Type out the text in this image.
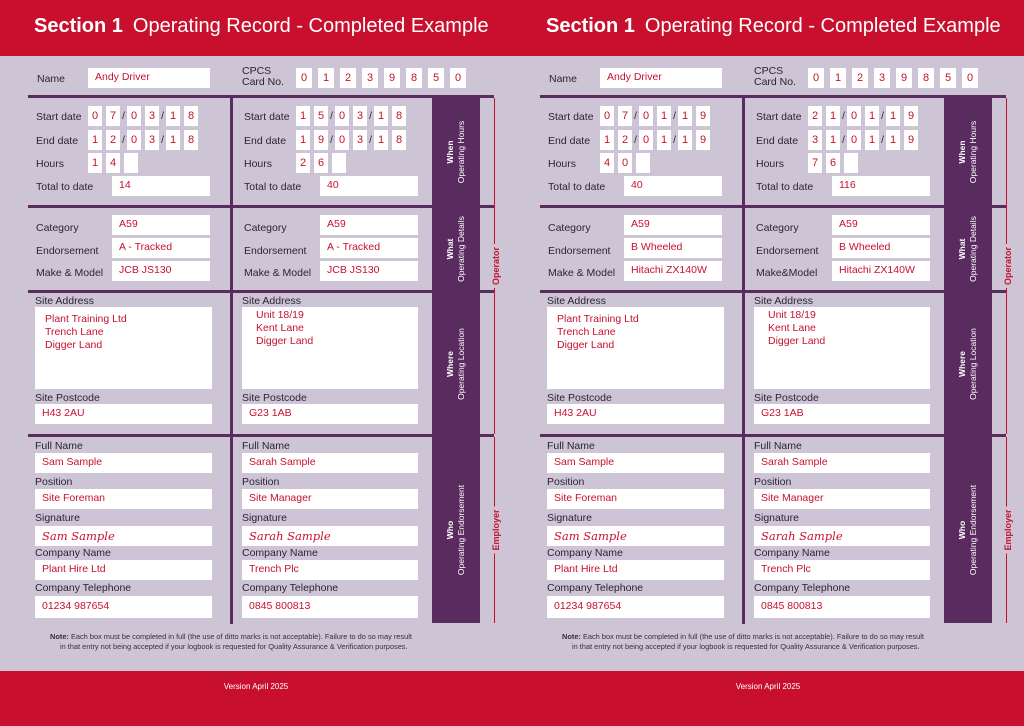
Section 1 Operating Record - Completed Example
Name	Andy Driver	CPCS
Card No.	0	1	2	3	9	8	5	0
When Operating Hours
What Operating Details
Where Operating Location
Who Operating Endorsement
Operator
Employer
Start date 0	7 / 0	3 / 1	8
End date	1	2 / 0	3 / 1	8
Hours	1	4
Total to date	14
Category	A59
Endorsement	A - Tracked
Make & Model	JCB JS130
Site Address
Plant Training Ltd
Trench Lane
Digger Land
Site Postcode
H43 2AU
Full Name
Sam Sample
Position
Site Foreman
Signature
Sam Sample
Company Name
Plant Hire Ltd
Company Telephone
01234 987654
Start date 1	5 / 0	3 / 1	8
End date	1	9 / 0	3 / 1	8
Hours	2	6
Total to date	40
Category	A59
Endorsement	A - Tracked
Make & Model	JCB JS130
Site Address
Unit 18/19
Kent Lane
Digger Land
Site Postcode
G23 1AB
Full Name
Sarah Sample
Position
Site Manager
Signature
Sarah Sample
Company Name
Trench Plc
Company Telephone
0845 800813
Note: Each box must be completed in full (the use of ditto marks is not acceptable). Failure to do so may result
in that entry not being accepted if your logbook is requested for Quality Assurance & Verification purposes.
Version April 2025
Section 1 Operating Record - Completed Example
Name	Andy Driver	CPCS
Card No.	0	1	2	3	9	8	5	0
When Operating Hours
What Operating Details
Where Operating Location
Who Operating Endorsement
Operator
Employer
Start date 0	7 / 0	1 / 1	9
End date	1	2 / 0	1 / 1	9
Hours	4	0
Total to date	40
Category	A59
Endorsement	B Wheeled
Make & Model	Hitachi ZX140W
Site Address
Plant Training Ltd
Trench Lane
Digger Land
Site Postcode
H43 2AU
Full Name
Sam Sample
Position
Site Foreman
Signature
Sam Sample
Company Name
Plant Hire Ltd
Company Telephone
01234 987654
Start date 2	1 / 0	1 / 1	9
End date	3	1 / 0	1 / 1	9
Hours	7	6
Total to date	116
Category	A59
Endorsement	B Wheeled
Make&Model	Hitachi ZX140W
Site Address
Unit 18/19
Kent Lane
Digger Land
Site Postcode
G23 1AB
Full Name
Sarah Sample
Position
Site Manager
Signature
Sarah Sample
Company Name
Trench Plc
Company Telephone
0845 800813
Note: Each box must be completed in full (the use of ditto marks is not acceptable). Failure to do so may result
in that entry not being accepted if your logbook is requested for Quality Assurance & Verification purposes.
Version April 2025
